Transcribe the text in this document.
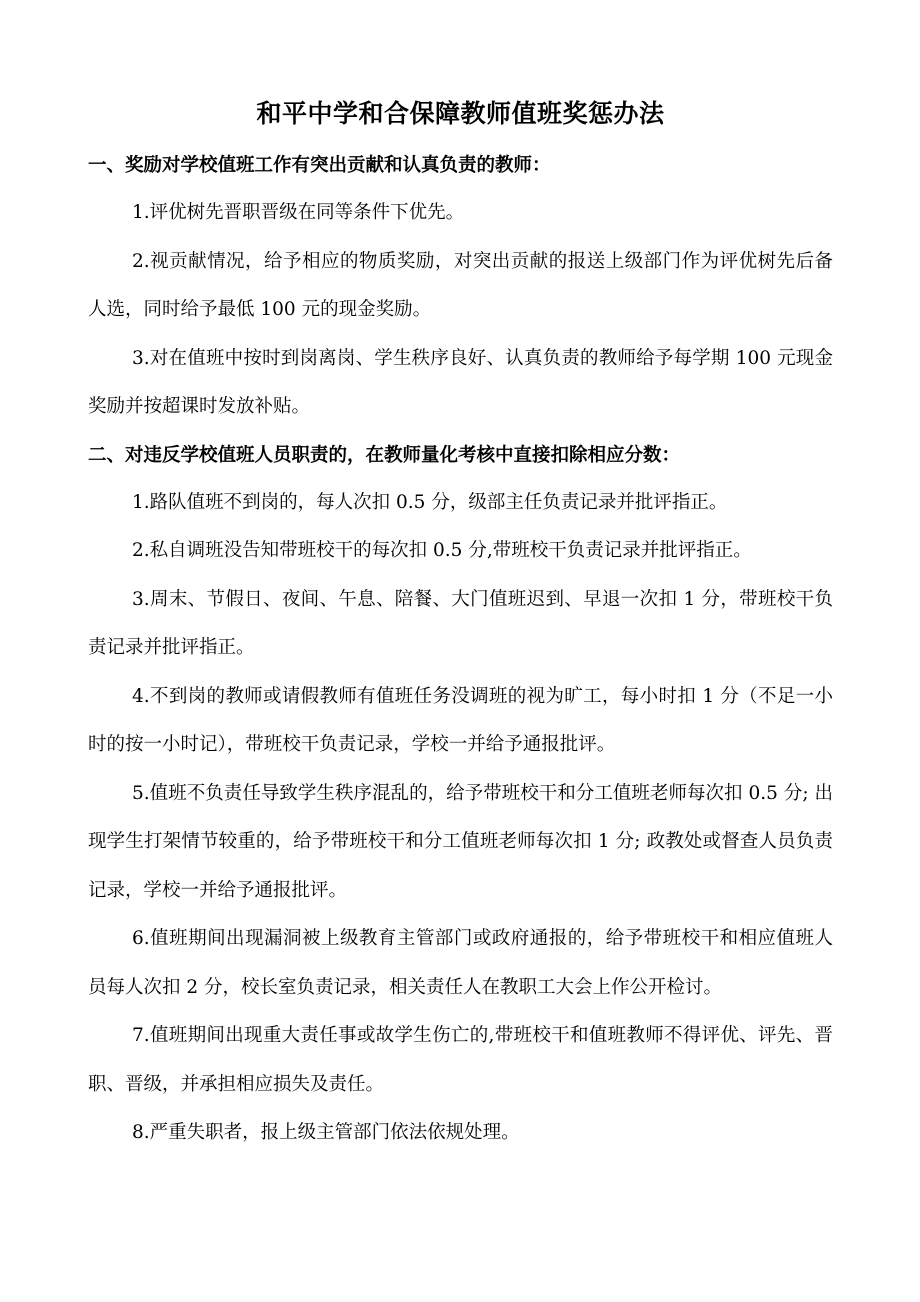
和平中学和合保障教师值班奖惩办法

一、奖励对学校值班工作有突出贡献和认真负责的教师：

1.评优树先晋职晋级在同等条件下优先。

2.视贡献情况，给予相应的物质奖励，对突出贡献的报送上级部门作为评优树先后备人选，同时给予最低 100 元的现金奖励。

3.对在值班中按时到岗离岗、学生秩序良好、认真负责的教师给予每学期 100 元现金奖励并按超课时发放补贴。

二、对违反学校值班人员职责的，在教师量化考核中直接扣除相应分数：

1.路队值班不到岗的，每人次扣 0.5 分，级部主任负责记录并批评指正。

2.私自调班没告知带班校干的每次扣 0.5 分,带班校干负责记录并批评指正。

3.周末、节假日、夜间、午息、陪餐、大门值班迟到、早退一次扣 1 分，带班校干负责记录并批评指正。

4.不到岗的教师或请假教师有值班任务没调班的视为旷工，每小时扣 1 分（不足一小时的按一小时记），带班校干负责记录，学校一并给予通报批评。

5.值班不负责任导致学生秩序混乱的，给予带班校干和分工值班老师每次扣 0.5 分; 出现学生打架情节较重的，给予带班校干和分工值班老师每次扣 1 分; 政教处或督查人员负责记录，学校一并给予通报批评。

6.值班期间出现漏洞被上级教育主管部门或政府通报的，给予带班校干和相应值班人员每人次扣 2 分，校长室负责记录，相关责任人在教职工大会上作公开检讨。

7.值班期间出现重大责任事或故学生伤亡的,带班校干和值班教师不得评优、评先、晋职、晋级，并承担相应损失及责任。

8.严重失职者，报上级主管部门依法依规处理。
